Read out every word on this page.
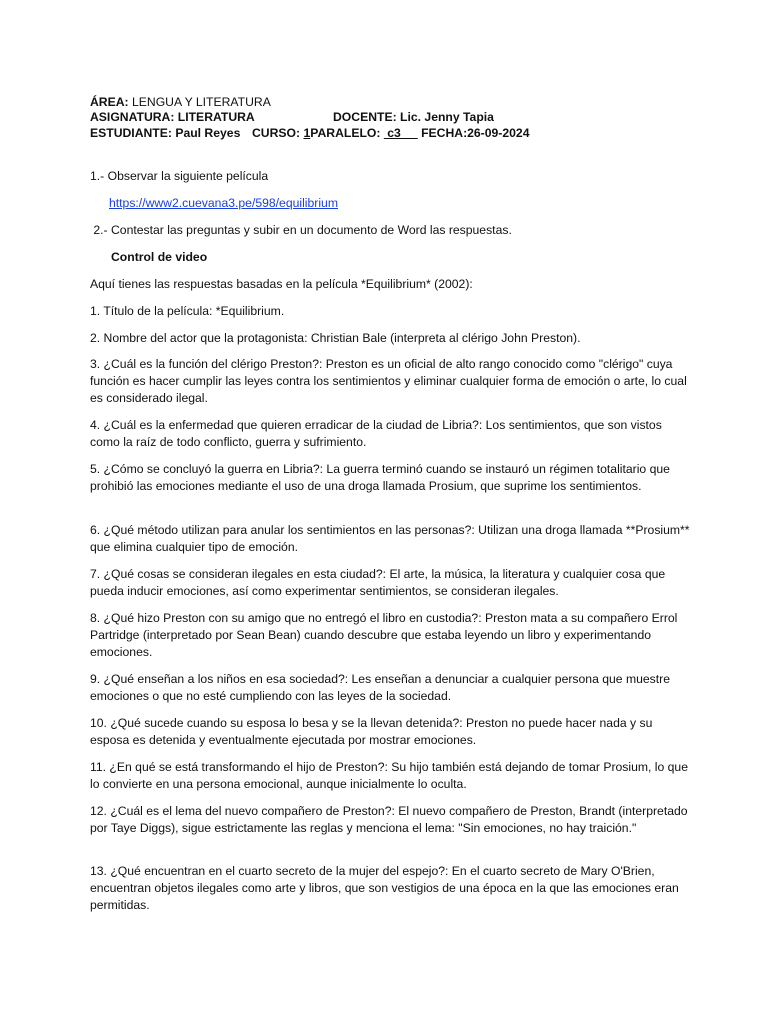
ÁREA: LENGUA Y LITERATURA
ASIGNATURA: LITERATURA	DOCENTE: Lic. Jenny Tapia
ESTUDIANTE: Paul Reyes CURSO: 1PARALELO:  c3      FECHA:26-09-2024
1.- Observar la siguiente película
https://www2.cuevana3.pe/598/equilibrium
2.- Contestar las preguntas y subir en un documento de Word las respuestas.
Control de video
Aquí tienes las respuestas basadas en la película *Equilibrium* (2002):
1. Título de la película: *Equilibrium.
2. Nombre del actor que la protagonista: Christian Bale (interpreta al clérigo John Preston).
3. ¿Cuál es la función del clérigo Preston?: Preston es un oficial de alto rango conocido como "clérigo" cuya función es hacer cumplir las leyes contra los sentimientos y eliminar cualquier forma de emoción o arte, lo cual es considerado ilegal.
4. ¿Cuál es la enfermedad que quieren erradicar de la ciudad de Libria?: Los sentimientos, que son vistos como la raíz de todo conflicto, guerra y sufrimiento.
5. ¿Cómo se concluyó la guerra en Libria?: La guerra terminó cuando se instauró un régimen totalitario que prohibió las emociones mediante el uso de una droga llamada Prosium, que suprime los sentimientos.
6. ¿Qué método utilizan para anular los sentimientos en las personas?: Utilizan una droga llamada **Prosium** que elimina cualquier tipo de emoción.
7. ¿Qué cosas se consideran ilegales en esta ciudad?: El arte, la música, la literatura y cualquier cosa que pueda inducir emociones, así como experimentar sentimientos, se consideran ilegales.
8. ¿Qué hizo Preston con su amigo que no entregó el libro en custodia?: Preston mata a su compañero Errol Partridge (interpretado por Sean Bean) cuando descubre que estaba leyendo un libro y experimentando emociones.
9. ¿Qué enseñan a los niños en esa sociedad?: Les enseñan a denunciar a cualquier persona que muestre emociones o que no esté cumpliendo con las leyes de la sociedad.
10. ¿Qué sucede cuando su esposa lo besa y se la llevan detenida?: Preston no puede hacer nada y su esposa es detenida y eventualmente ejecutada por mostrar emociones.
11. ¿En qué se está transformando el hijo de Preston?: Su hijo también está dejando de tomar Prosium, lo que lo convierte en una persona emocional, aunque inicialmente lo oculta.
12. ¿Cuál es el lema del nuevo compañero de Preston?: El nuevo compañero de Preston, Brandt (interpretado por Taye Diggs), sigue estrictamente las reglas y menciona el lema: "Sin emociones, no hay traición."
13. ¿Qué encuentran en el cuarto secreto de la mujer del espejo?: En el cuarto secreto de Mary O'Brien, encuentran objetos ilegales como arte y libros, que son vestigios de una época en la que las emociones eran permitidas.
